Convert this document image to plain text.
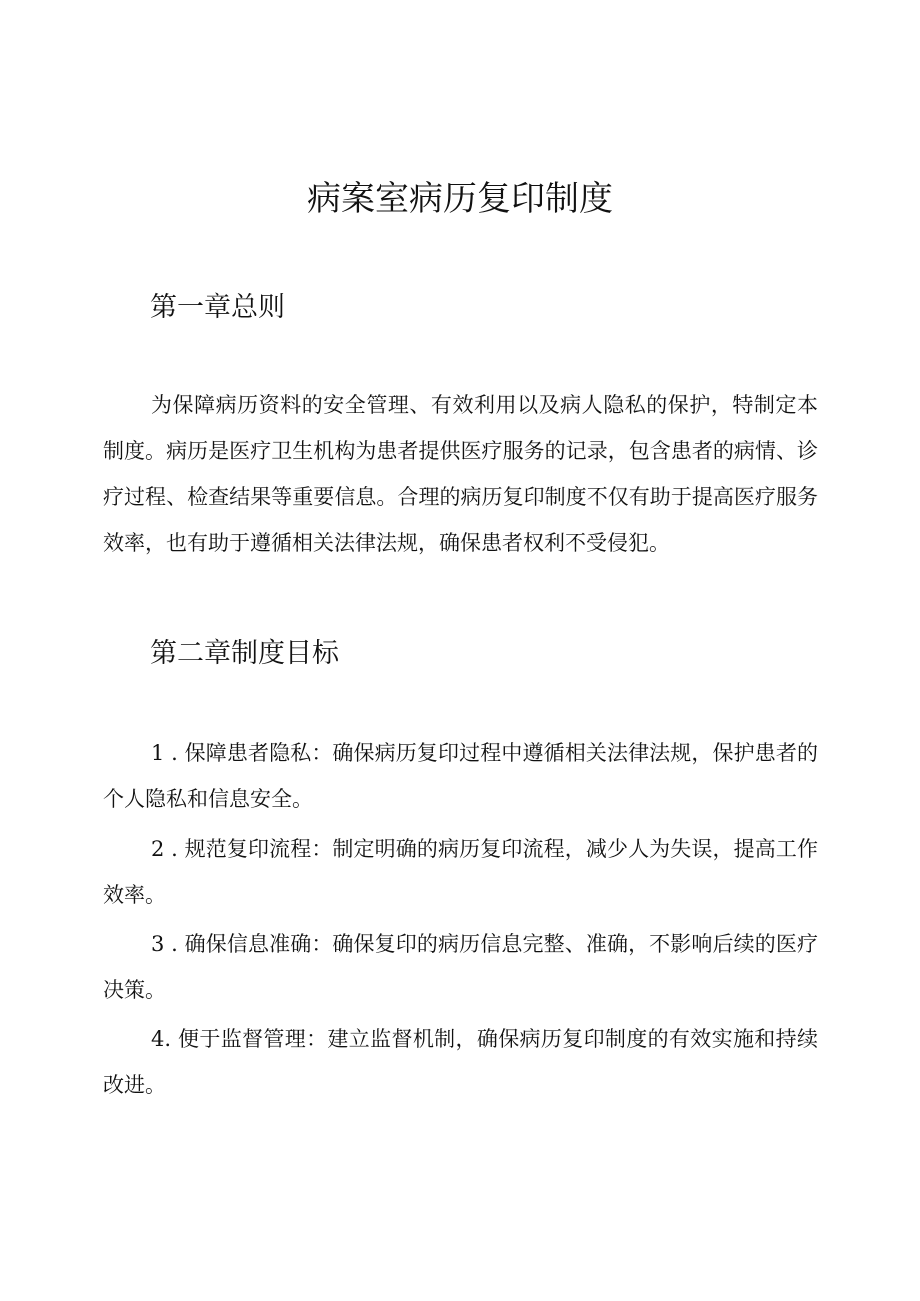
病案室病历复印制度
第一章总则

为保障病历资料的安全管理、有效利用以及病人隐私的保护，特制定本制度。病历是医疗卫生机构为患者提供医疗服务的记录，包含患者的病情、诊疗过程、检查结果等重要信息。合理的病历复印制度不仅有助于提高医疗服务效率，也有助于遵循相关法律法规，确保患者权利不受侵犯。

第二章制度目标

1 . 保障患者隐私：确保病历复印过程中遵循相关法律法规，保护患者的个人隐私和信息安全。

2 . 规范复印流程：制定明确的病历复印流程，减少人为失误，提高工作效率。

3 . 确保信息准确：确保复印的病历信息完整、准确，不影响后续的医疗决策。

4. 便于监督管理：建立监督机制，确保病历复印制度的有效实施和持续改进。
